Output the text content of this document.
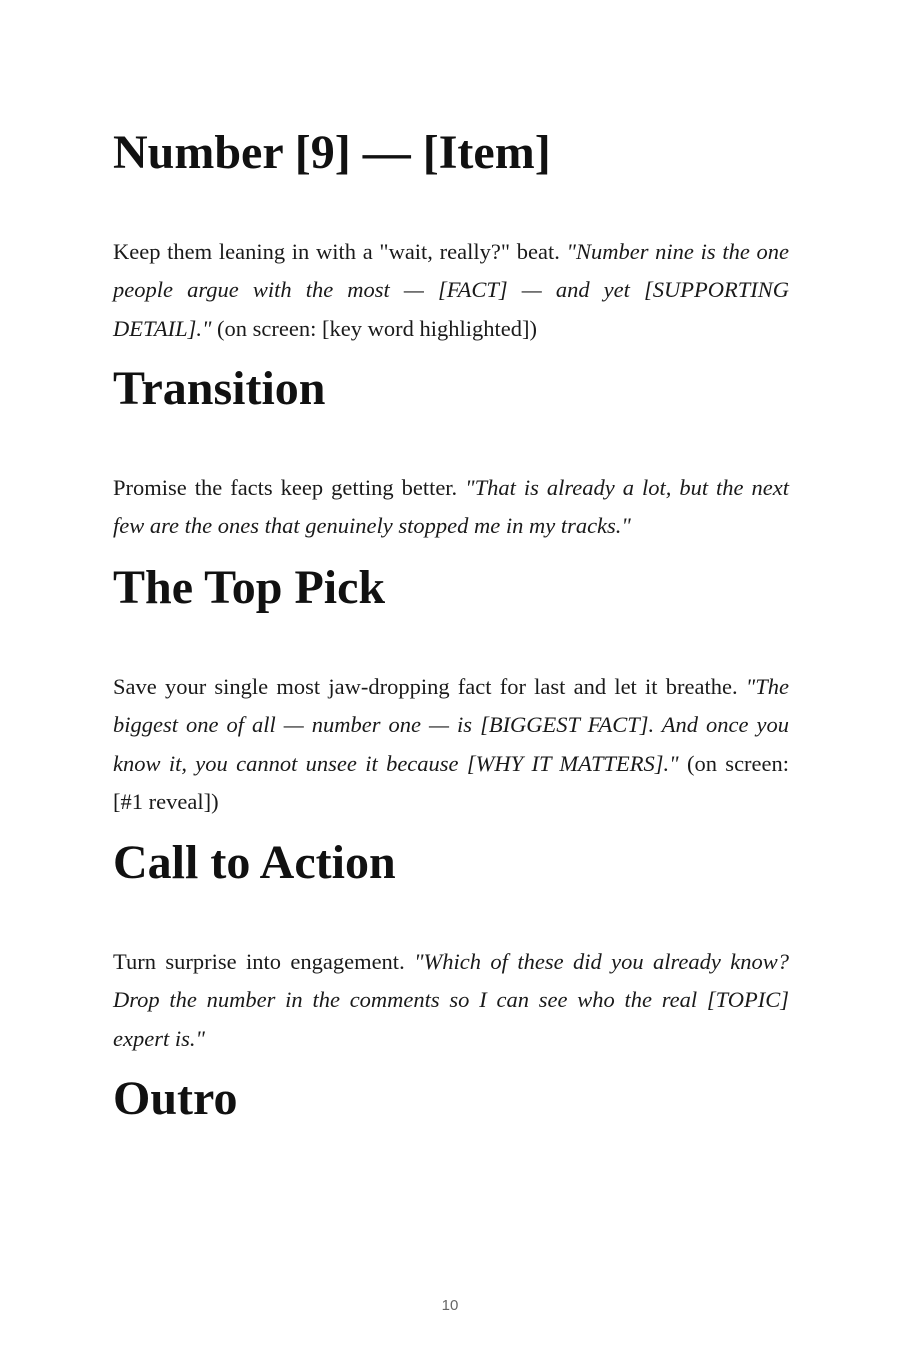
Number [9] — [Item]

Keep them leaning in with a "wait, really?" beat. "Number nine is the one people argue with the most — [FACT] — and yet [SUPPORTING DETAIL]." (on screen: [key word highlighted])

Transition

Promise the facts keep getting better. "That is already a lot, but the next few are the ones that genuinely stopped me in my tracks."

The Top Pick

Save your single most jaw-dropping fact for last and let it breathe. "The biggest one of all — number one — is [BIGGEST FACT]. And once you know it, you cannot unsee it because [WHY IT MATTERS]." (on screen: [#1 reveal])

Call to Action

Turn surprise into engagement. "Which of these did you already know? Drop the number in the comments so I can see who the real [TOPIC] expert is."

Outro
10
